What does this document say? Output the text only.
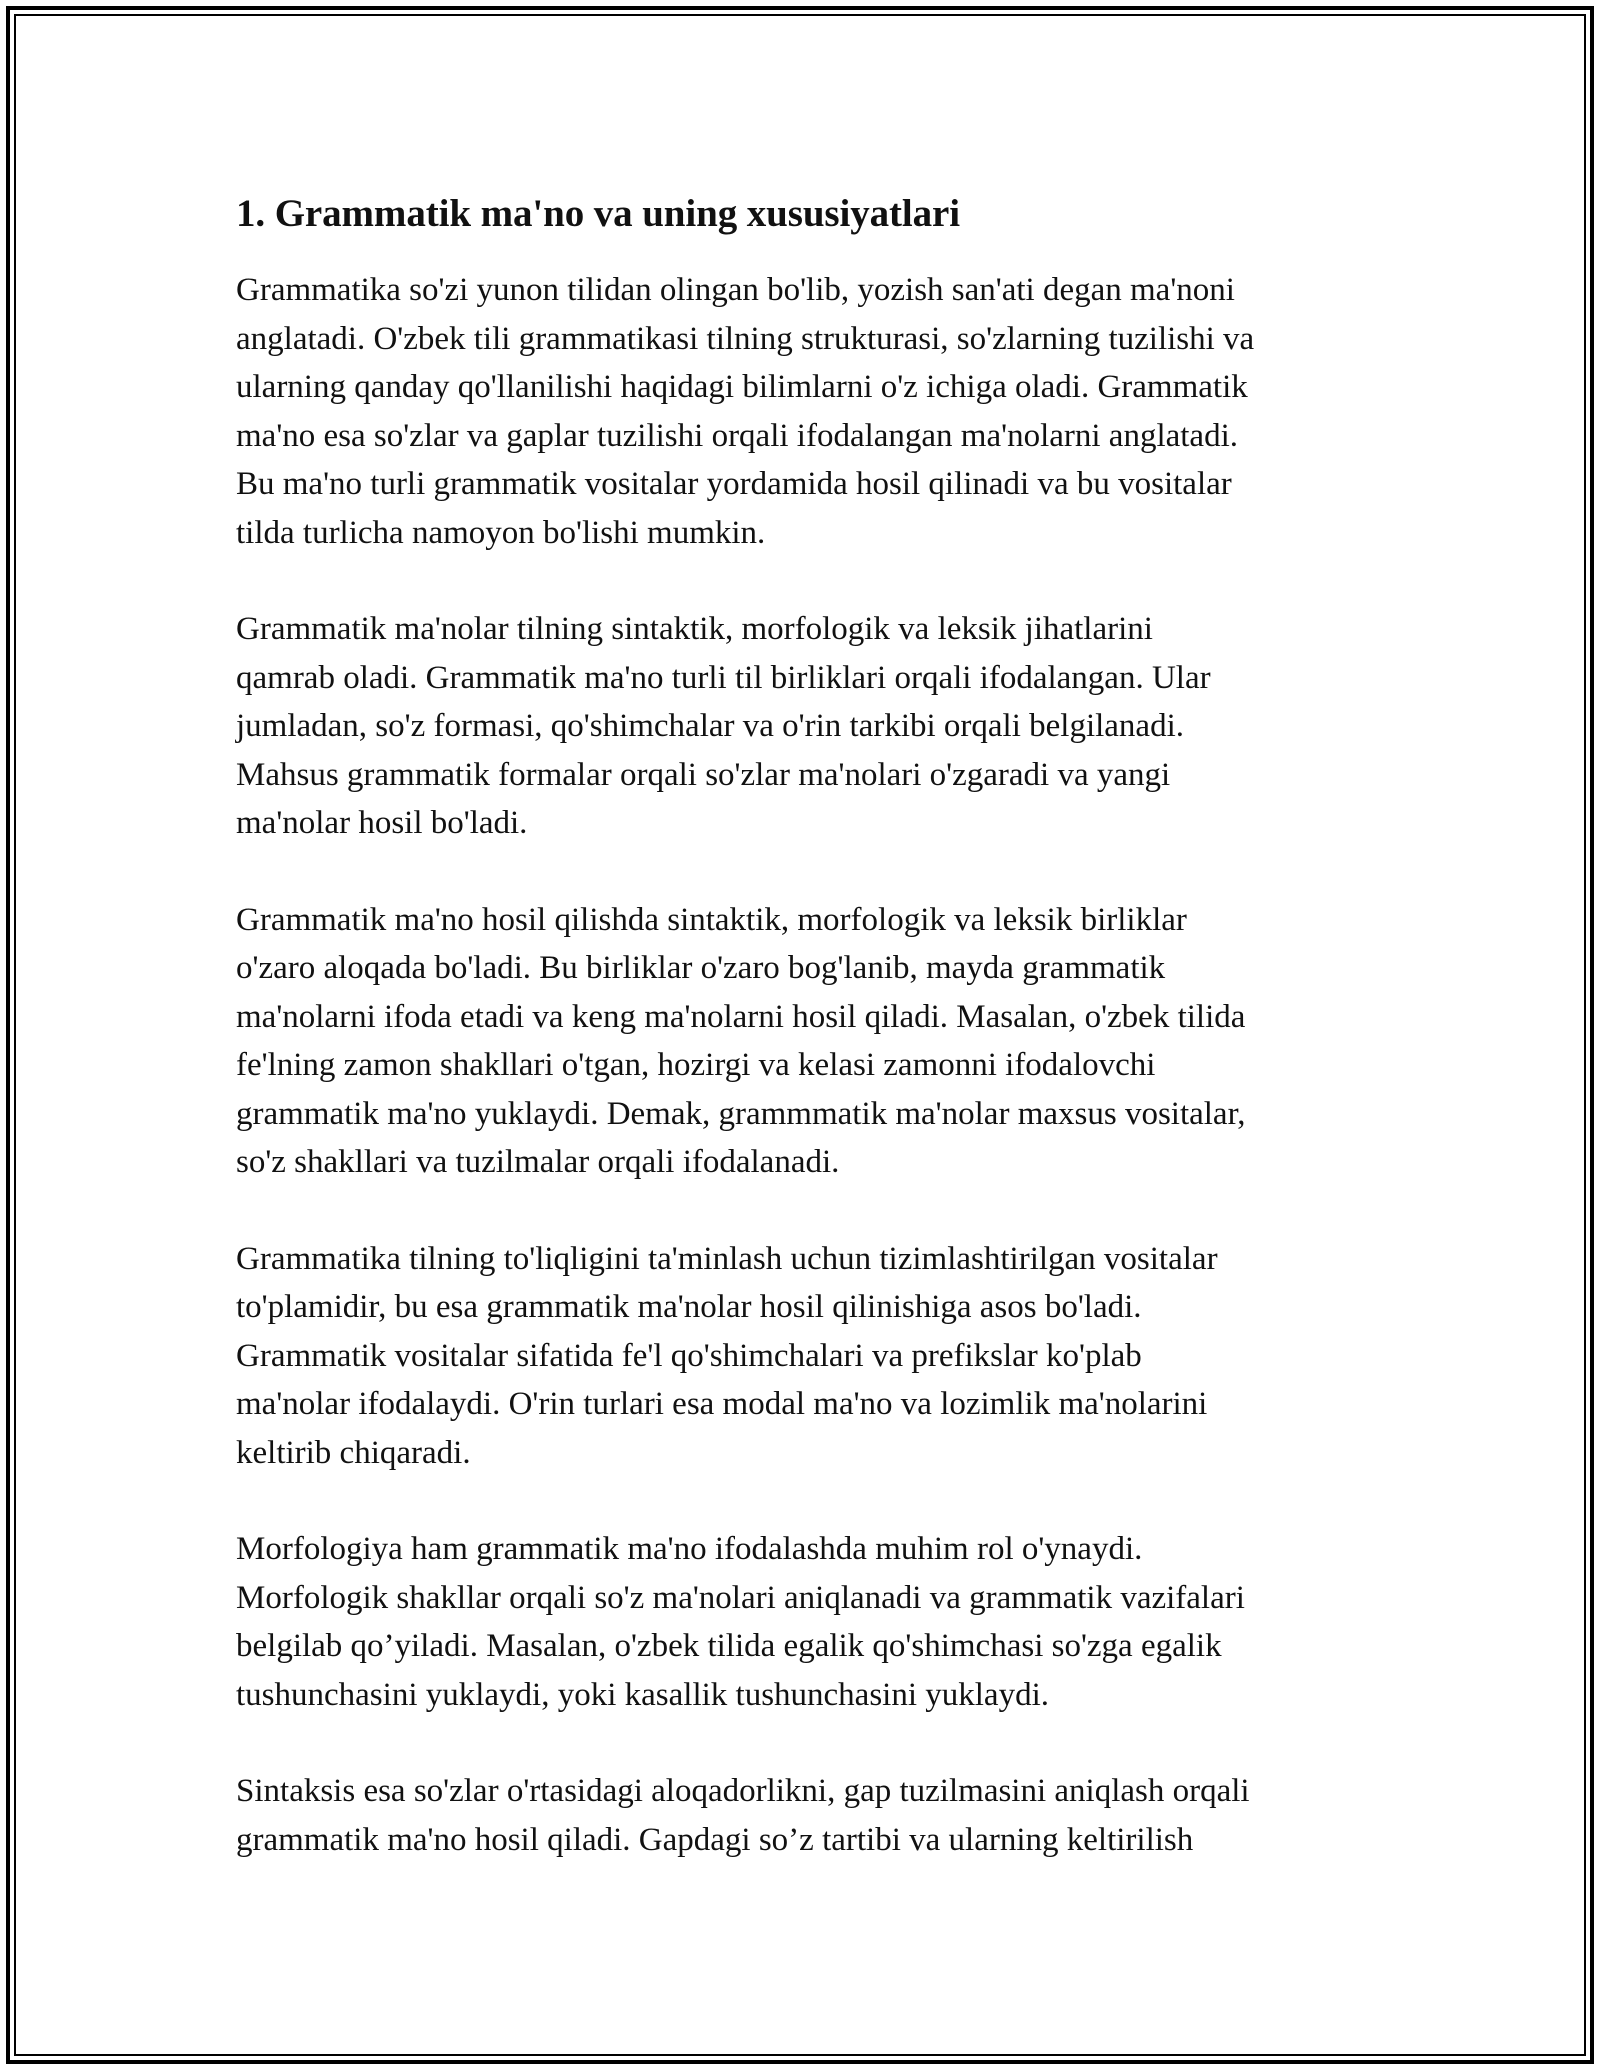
1. Grammatik ma'no va uning xususiyatlari

Grammatika so'zi yunon tilidan olingan bo'lib, yozish san'ati degan ma'noni
anglatadi. O'zbek tili grammatikasi tilning strukturasi, so'zlarning tuzilishi va
ularning qanday qo'llanilishi haqidagi bilimlarni o'z ichiga oladi. Grammatik
ma'no esa so'zlar va gaplar tuzilishi orqali ifodalangan ma'nolarni anglatadi.
Bu ma'no turli grammatik vositalar yordamida hosil qilinadi va bu vositalar
tilda turlicha namoyon bo'lishi mumkin.

Grammatik ma'nolar tilning sintaktik, morfologik va leksik jihatlarini
qamrab oladi. Grammatik ma'no turli til birliklari orqali ifodalangan. Ular
jumladan, so'z formasi, qo'shimchalar va o'rin tarkibi orqali belgilanadi.
Mahsus grammatik formalar orqali so'zlar ma'nolari o'zgaradi va yangi
ma'nolar hosil bo'ladi.

Grammatik ma'no hosil qilishda sintaktik, morfologik va leksik birliklar
o'zaro aloqada bo'ladi. Bu birliklar o'zaro bog'lanib, mayda grammatik
ma'nolarni ifoda etadi va keng ma'nolarni hosil qiladi. Masalan, o'zbek tilida
fe'lning zamon shakllari o'tgan, hozirgi va kelasi zamonni ifodalovchi
grammatik ma'no yuklaydi. Demak, grammmatik ma'nolar maxsus vositalar,
so'z shakllari va tuzilmalar orqali ifodalanadi.

Grammatika tilning to'liqligini ta'minlash uchun tizimlashtirilgan vositalar
to'plamidir, bu esa grammatik ma'nolar hosil qilinishiga asos bo'ladi.
Grammatik vositalar sifatida fe'l qo'shimchalari va prefikslar ko'plab
ma'nolar ifodalaydi. O'rin turlari esa modal ma'no va lozimlik ma'nolarini
keltirib chiqaradi.

Morfologiya ham grammatik ma'no ifodalashda muhim rol o'ynaydi.
Morfologik shakllar orqali so'z ma'nolari aniqlanadi va grammatik vazifalari
belgilab qo’yiladi. Masalan, o'zbek tilida egalik qo'shimchasi so'zga egalik
tushunchasini yuklaydi, yoki kasallik tushunchasini yuklaydi.

Sintaksis esa so'zlar o'rtasidagi aloqadorlikni, gap tuzilmasini aniqlash orqali
grammatik ma'no hosil qiladi. Gapdagi so’z tartibi va ularning keltirilish
